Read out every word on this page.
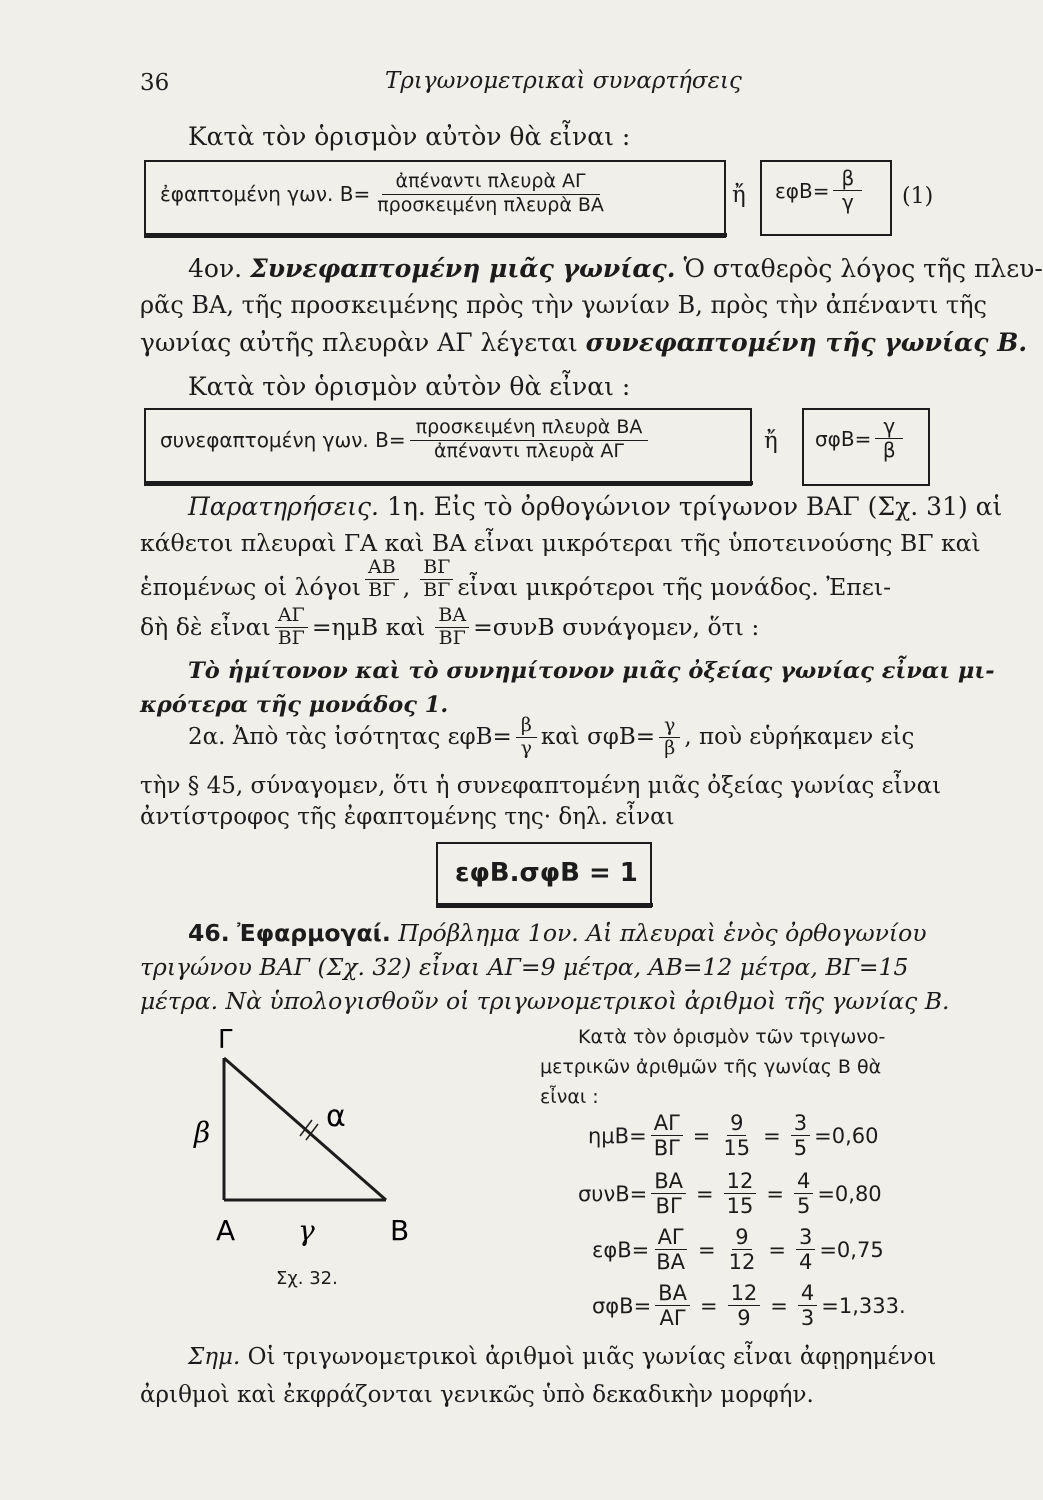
36	Τριγωνομετρικαὶ συναρτήσεις
Κατὰ τὸν ὁρισμὸν αὐτὸν θὰ εἶναι :
ἐφαπτομένη γων. $B= \frac{\text{ἀπέναντι πλευρὰ ΑΓ}}{\text{προσκειμένη πλευρὰ ΒΑ}}$	ἤ $\varepsilon\varphi B= \frac{\beta}{\gamma} (1)$
4ον. Συνεφαπτομένη μιᾶς γωνίας. Ὁ σταθερὸς λόγος τῆς πλευ-
ρᾶς ΒΑ, τῆς προσκειμένης πρὸς τὴν γωνίαν Β, πρὸς τὴν ἀπέναντι τῆς
γωνίας αὐτῆς πλευρὰν ΑΓ λέγεται συνεφαπτομένη τῆς γωνίας Β.
Κατὰ τὸν ὁρισμὸν αὐτὸν θὰ εἶναι :
συνεφαπτομένη γων. $B= \frac{\text{προσκειμένη πλευρὰ ΒΑ}}{\text{ἀπέναντι πλευρὰ ΑΓ}}$	ἤ $\sigma\varphi B= \frac{\gamma}{\beta}$
Παρατηρήσεις. 1η. Εἰς τὸ ὀρθογώνιον τρίγωνον ΒΑΓ (Σχ. 31) αἱ
κάθετοι πλευραὶ ΓΑ καὶ ΒΑ εἶναι μικρότεραι τῆς ὑποτεινούσης ΒΓ καὶ
ἑπομένως οἱ λόγοι $\frac{AB}{B\Gamma}$ , $\frac{B\Gamma}{B\Gamma}$ εἶναι μικρότεροι τῆς μονάδος. Ἐπει-
δὴ δὲ εἶναι $\frac{A\Gamma}{B\Gamma} =\eta\mu B$ καὶ $\frac{BA}{B\Gamma} =\sigma\upsilon\nu B$ συνάγομεν, ὅτι :
Τὸ ἡμίτονον καὶ τὸ συνημίτονον μιᾶς ὀξείας γωνίας εἶναι μι-
κρότερα τῆς μονάδος 1.
2α. Ἀπὸ τὰς ἰσότητας $\varepsilon\varphi B= \frac{\beta}{\gamma}$ καὶ $\sigma\varphi B= \frac{\gamma}{\beta}$ , ποὺ εὑρήκαμεν εἰς
τὴν § 45, σύναγομεν, ὅτι ἡ συνεφαπτομένη μιᾶς ὀξείας γωνίας εἶναι
ἀντίστροφος τῆς ἐφαπτομένης της· δηλ. εἶναι
εφΒ.σφΒ = 1
46. Ἐφαρμογαί. Πρόβλημα 1ον. Αἱ πλευραὶ ἑνὸς ὀρθογωνίου
τριγώνου ΒΑΓ (Σχ. 32) εἶναι ΑΓ=9 μέτρα, ΑΒ=12 μέτρα, ΒΓ=15
μέτρα. Νὰ ὑπολογισθοῦν οἱ τριγωνομετρικοὶ ἀριθμοὶ τῆς γωνίας Β.
Κατὰ τὸν ὁρισμὸν τῶν τριγωνο-
μετρικῶν ἀριθμῶν τῆς γωνίας Β θὰ
εἶναι :
Γ
Α	Β
β
γ
α
Σχ. 32.
$\eta\mu B= \frac{A\Gamma}{B\Gamma} = \frac{9}{15} = \frac{3}{5} =0,60$
$\sigma\upsilon\nu B= \frac{BA}{B\Gamma} = \frac{12}{15} = \frac{4}{5} =0,80$
$\varepsilon\varphi B= \frac{A\Gamma}{BA} = \frac{9}{12} = \frac{3}{4} =0,75$
$\sigma\varphi B= \frac{BA}{A\Gamma} = \frac{12}{9} = \frac{4}{3} =1,333$.
Σημ. Οἱ τριγωνομετρικοὶ ἀριθμοὶ μιᾶς γωνίας εἶναι ἀφῃρημένοι
ἀριθμοὶ καὶ ἐκφράζονται γενικῶς ὑπὸ δεκαδικὴν μορφήν.
